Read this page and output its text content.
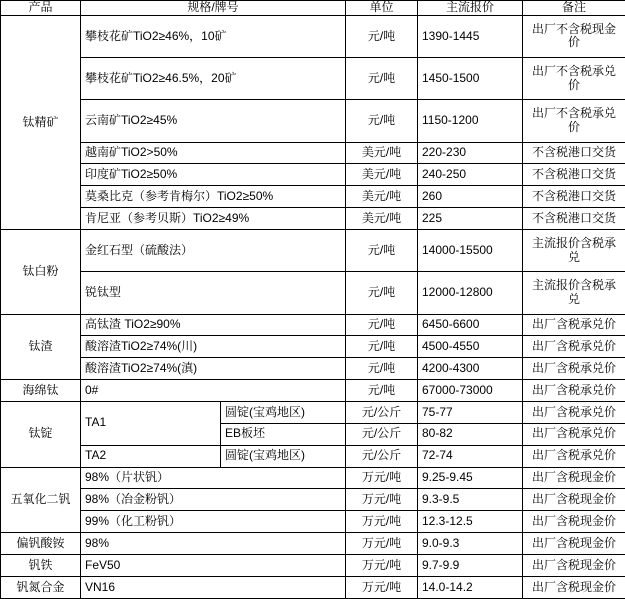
产品	规格/牌号		单位	主流报价	备注
钛精矿	攀枝花矿TiO2≥46%，10矿		元/吨	1390-1445	出厂不含税现金价
	攀枝花矿TiO2≥46.5%，20矿		元/吨	1450-1500	出厂不含税承兑价
	云南矿TiO2≥45%		元/吨	1150-1200	出厂不含税承兑价
	越南矿TiO2>50%		美元/吨	220-230	不含税港口交货
	印度矿TiO2≥50%		美元/吨	240-250	不含税港口交货
	莫桑比克（参考肯梅尔）TiO2≥50%		美元/吨	260	不含税港口交货
	肯尼亚（参考贝斯）TiO2≥49%		美元/吨	225	不含税港口交货
钛白粉	金红石型（硫酸法）		元/吨	14000-15500	主流报价含税承兑
	锐钛型		元/吨	12000-12800	主流报价含税承兑
钛渣	高钛渣 TiO2≥90%		元/吨	6450-6600	出厂含税承兑价
	酸溶渣TiO2≥74%(川)		元/吨	4500-4550	出厂含税承兑价
	酸溶渣TiO2≥74%(滇)		元/吨	4200-4300	出厂含税承兑价
海绵钛	0#		元/吨	67000-73000	出厂含税承兑价
钛锭	TA1	圆锭(宝鸡地区)	元/公斤	75-77	出厂含税承兑价
		EB板坯	元/公斤	80-82	出厂含税承兑价
	TA2	圆锭(宝鸡地区)	元/公斤	72-74	出厂含税承兑价
五氧化二钒	98%（片状钒）		万元/吨	9.25-9.45	出厂含税现金价
	98%（冶金粉钒）		万元/吨	9.3-9.5	出厂含税现金价
	99%（化工粉钒）		万元/吨	12.3-12.5	出厂含税现金价
偏钒酸铵	98%		万元/吨	9.0-9.3	出厂含税现金价
钒铁	FeV50		万元/吨	9.7-9.9	出厂含税现金价
钒氮合金	VN16		万元/吨	14.0-14.2	出厂含税现金价
